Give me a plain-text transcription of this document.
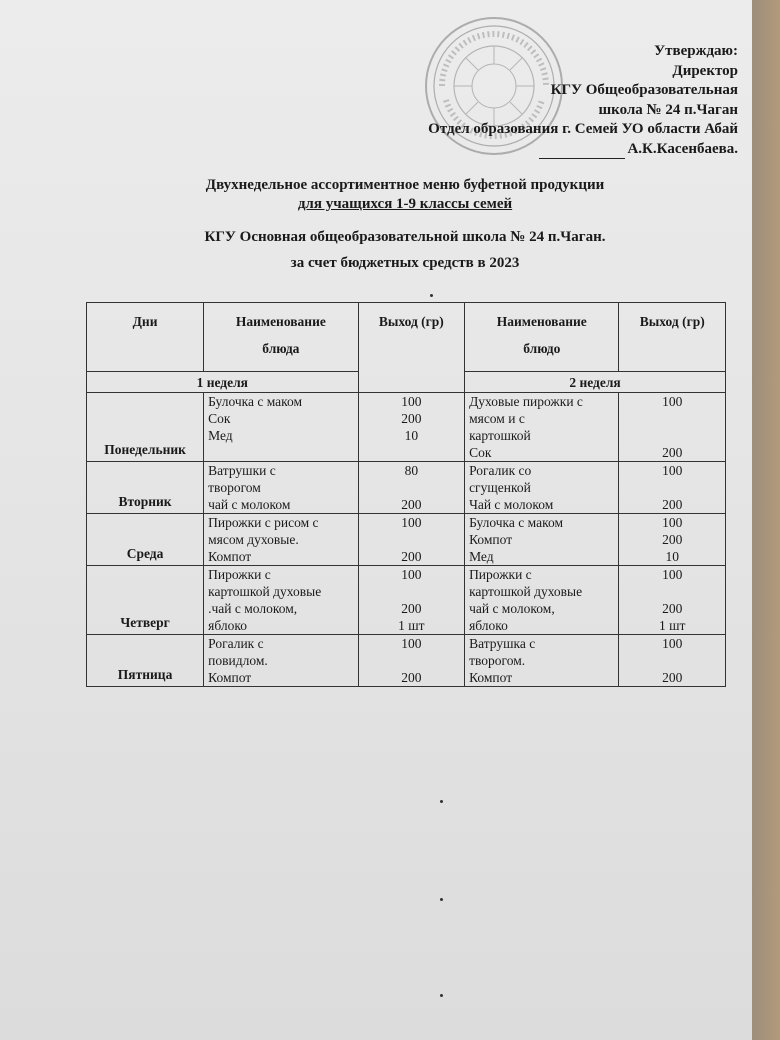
Утверждаю:
Директор
КГУ Общеобразовательная
школа № 24 п.Чаган
Отдел образования г. Семей УО области Абай
А.К.Касенбаева.
Двухнедельное ассортиментное меню буфетной продукции
для учащихся 1-9 классы семей
КГУ Основная общеобразовательной школа № 24 п.Чаган.
за счет бюджетных средств в 2023
Дни	Наименование
блюда	Выход (гр)	Наименование
блюдо	Выход (гр)
1 неделя			2 неделя	
Понедельник	Булочка с маком
Сок
Мед	100
200
10	Духовые пирожки с
мясом и с
картошкой
Сок	100
200

Вторник	Ватрушки с
творогом
чай с молоком	80
200	Рогалик со
сгущенкой
Чай с молоком	100
200

Среда	Пирожки с рисом с
мясом духовые.
Компот	100
200	Булочка с маком
Компот
Мед	100
200
10

Четверг	Пирожки с
картошкой духовые
.чай с молоком,
яблоко	100
200
1 шт	Пирожки с
картошкой духовые
чай с молоком,
яблоко	100
200
1 шт

Пятница	Рогалик с
повидлом.
Компот	100
200	Ватрушка с
творогом.
Компот	100
200
